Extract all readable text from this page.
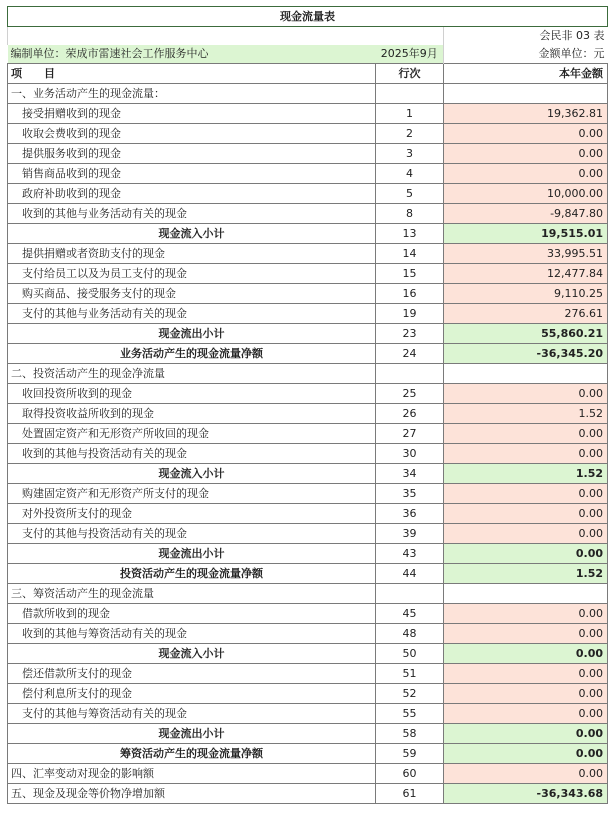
现金流量表		
		会民非 03 表
编制单位：荣成市雷速社会工作服务中心	2025年9月	金额单位：元
项　　目	行次	本年金额
一、业务活动产生的现金流量：		
接受捐赠收到的现金	1	19,362.81
收取会费收到的现金	2	0.00
提供服务收到的现金	3	0.00
销售商品收到的现金	4	0.00
政府补助收到的现金	5	10,000.00
收到的其他与业务活动有关的现金	8	-9,847.80
现金流入小计	13	19,515.01
提供捐赠或者资助支付的现金	14	33,995.51
支付给员工以及为员工支付的现金	15	12,477.84
购买商品、接受服务支付的现金	16	9,110.25
支付的其他与业务活动有关的现金	19	276.61
现金流出小计	23	55,860.21
业务活动产生的现金流量净额	24	-36,345.20
二、投资活动产生的现金净流量		
收回投资所收到的现金	25	0.00
取得投资收益所收到的现金	26	1.52
处置固定资产和无形资产所收回的现金	27	0.00
收到的其他与投资活动有关的现金	30	0.00
现金流入小计	34	1.52
购建固定资产和无形资产所支付的现金	35	0.00
对外投资所支付的现金	36	0.00
支付的其他与投资活动有关的现金	39	0.00
现金流出小计	43	0.00
投资活动产生的现金流量净额	44	1.52
三、筹资活动产生的现金流量		
借款所收到的现金	45	0.00
收到的其他与筹资活动有关的现金	48	0.00
现金流入小计	50	0.00
偿还借款所支付的现金	51	0.00
偿付利息所支付的现金	52	0.00
支付的其他与筹资活动有关的现金	55	0.00
现金流出小计	58	0.00
筹资活动产生的现金流量净额	59	0.00
四、汇率变动对现金的影响额	60	0.00
五、现金及现金等价物净增加额	61	-36,343.68
